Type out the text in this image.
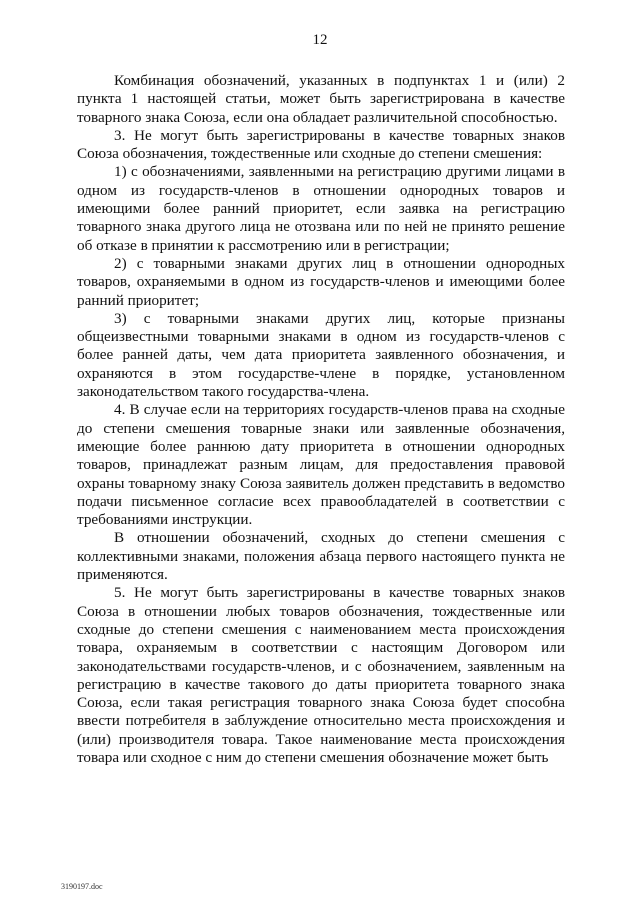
12

Комбинация обозначений, указанных в подпунктах 1 и (или) 2 пункта 1 настоящей статьи, может быть зарегистрирована в качестве товарного знака Союза, если она обладает различительной способностью.

3. Не могут быть зарегистрированы в качестве товарных знаков Союза обозначения, тождественные или сходные до степени смешения:

1) с обозначениями, заявленными на регистрацию другими лицами в одном из государств-членов в отношении однородных товаров и имеющими более ранний приоритет, если заявка на регистрацию товарного знака другого лица не отозвана или по ней не принято решение об отказе в принятии к рассмотрению или в регистрации;

2) с товарными знаками других лиц в отношении однородных товаров, охраняемыми в одном из государств-членов и имеющими более ранний приоритет;

3) с товарными знаками других лиц, которые признаны общеизвестными товарными знаками в одном из государств-членов с более ранней даты, чем дата приоритета заявленного обозначения, и охраняются в этом государстве-члене в порядке, установленном законодательством такого государства-члена.

4. В случае если на территориях государств-членов права на сходные до степени смешения товарные знаки или заявленные обозначения, имеющие более раннюю дату приоритета в отношении однородных товаров, принадлежат разным лицам, для предоставления правовой охраны товарному знаку Союза заявитель должен представить в ведомство подачи письменное согласие всех правообладателей в соответствии с требованиями инструкции.

В отношении обозначений, сходных до степени смешения с коллективными знаками, положения абзаца первого настоящего пункта не применяются.

5. Не могут быть зарегистрированы в качестве товарных знаков Союза в отношении любых товаров обозначения, тождественные или сходные до степени смешения с наименованием места происхождения товара, охраняемым в соответствии с настоящим Договором или законодательствами государств-членов, и с обозначением, заявленным на регистрацию в качестве такового до даты приоритета товарного знака Союза, если такая регистрация товарного знака Союза будет способна ввести потребителя в заблуждение относительно места происхождения и (или) производителя товара. Такое наименование места происхождения товара или сходное с ним до степени смешения обозначение может быть

3190197.doc
